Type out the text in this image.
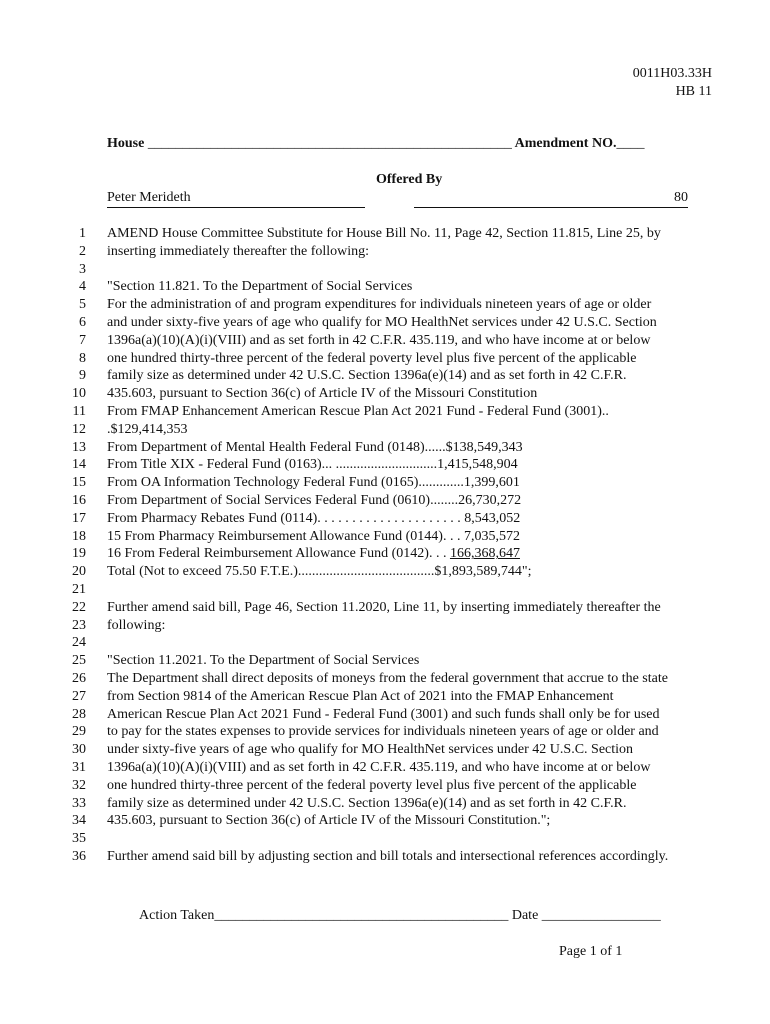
0011H03.33H
HB 11
House ____________________________________________________ Amendment NO.____
Offered By
Peter Merideth	80
1 AMEND House Committee Substitute for House Bill No. 11, Page 42, Section 11.815, Line 25, by
2 inserting immediately thereafter the following:
3
4 "Section 11.821. To the Department of Social Services
5 For the administration of and program expenditures for individuals nineteen years of age or older
6 and under sixty-five years of age who qualify for MO HealthNet services under 42 U.S.C. Section
7 1396a(a)(10)(A)(i)(VIII) and as set forth in 42 C.F.R. 435.119, and who have income at or below
8 one hundred thirty-three percent of the federal poverty level plus five percent of the applicable
9 family size as determined under 42 U.S.C. Section 1396a(e)(14) and as set forth in 42 C.F.R.
10 435.603, pursuant to Section 36(c) of Article IV of the Missouri Constitution
11 From FMAP Enhancement American Rescue Plan Act 2021 Fund - Federal Fund (3001)..
12 .$129,414,353
13 From Department of Mental Health Federal Fund (0148)......$138,549,343
14 From Title XIX - Federal Fund (0163)... .............................1,415,548,904
15 From OA Information Technology Federal Fund (0165).............1,399,601
16 From Department of Social Services Federal Fund (0610)........26,730,272
17 From Pharmacy Rebates Fund (0114). . . . . . . . . . . . . . . . . . . . . 8,543,052
18 15 From Pharmacy Reimbursement Allowance Fund (0144). . . 7,035,572
19 16 From Federal Reimbursement Allowance Fund (0142). . . 166,368,647
20 Total (Not to exceed 75.50 F.T.E.).......................................$1,893,589,744";
21
22 Further amend said bill, Page 46, Section 11.2020, Line 11, by inserting immediately thereafter the
23 following:
24
25 "Section 11.2021. To the Department of Social Services
26 The Department shall direct deposits of moneys from the federal government that accrue to the state
27 from Section 9814 of the American Rescue Plan Act of 2021 into the FMAP Enhancement
28 American Rescue Plan Act 2021 Fund - Federal Fund (3001) and such funds shall only be for used
29 to pay for the states expenses to provide services for individuals nineteen years of age or older and
30 under sixty-five years of age who qualify for MO HealthNet services under 42 U.S.C. Section
31 1396a(a)(10)(A)(i)(VIII) and as set forth in 42 C.F.R. 435.119, and who have income at or below
32 one hundred thirty-three percent of the federal poverty level plus five percent of the applicable
33 family size as determined under 42 U.S.C. Section 1396a(e)(14) and as set forth in 42 C.F.R.
34 435.603, pursuant to Section 36(c) of Article IV of the Missouri Constitution.";
35
36 Further amend said bill by adjusting section and bill totals and intersectional references accordingly.
Action Taken__________________________________________ Date _________________
Page 1 of 1
